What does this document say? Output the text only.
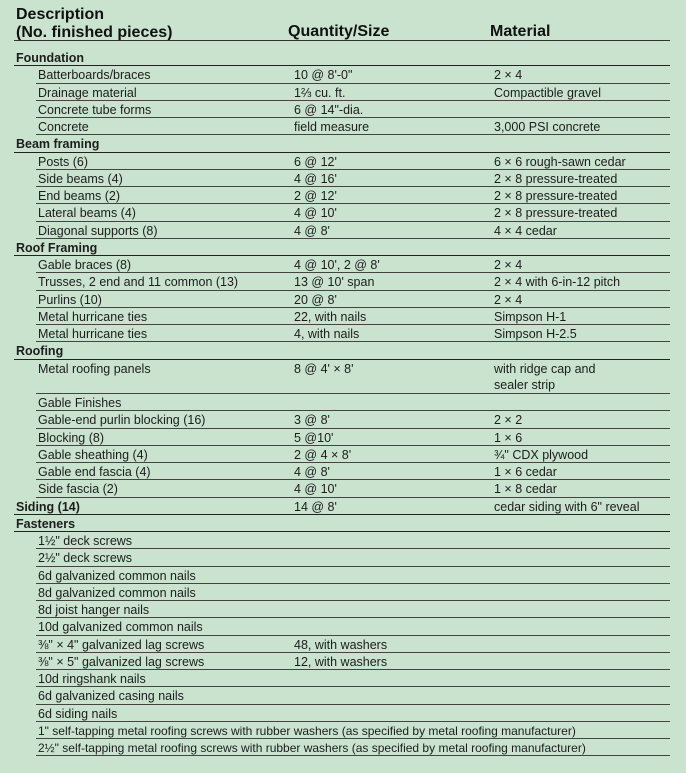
Description
(No. finished pieces)	Quantity/Size	Material
Foundation
Batterboards/braces	10 @ 8'-0"	2 × 4
Drainage material	1⅔ cu. ft.	Compactible gravel
Concrete tube forms	6 @ 14"-dia.
Concrete	field measure	3,000 PSI concrete
Beam framing
Posts (6)	6 @ 12'	6 × 6 rough-sawn cedar
Side beams (4)	4 @ 16'	2 × 8 pressure-treated
End beams (2)	2 @ 12'	2 × 8 pressure-treated
Lateral beams (4)	4 @ 10'	2 × 8 pressure-treated
Diagonal supports (8)	4 @ 8'	4 × 4 cedar
Roof Framing
Gable braces (8)	4 @ 10', 2 @ 8'	2 × 4
Trusses, 2 end and 11 common (13)	13 @ 10' span	2 × 4 with 6-in-12 pitch
Purlins (10)	20 @ 8'	2 × 4
Metal hurricane ties	22, with nails	Simpson H-1
Metal hurricane ties	4, with nails	Simpson H-2.5
Roofing
Metal roofing panels	8 @ 4' × 8'	with ridge cap and
sealer strip
Gable Finishes
Gable-end purlin blocking (16)	3 @ 8'	2 × 2
Blocking (8)	5 @10'	1 × 6
Gable sheathing (4)	2 @ 4 × 8'	¾" CDX plywood
Gable end fascia (4)	4 @ 8'	1 × 6 cedar
Side fascia (2)	4 @ 10'	1 × 8 cedar
Siding (14)	14 @ 8'	cedar siding with 6" reveal
Fasteners
1½" deck screws
2½" deck screws
6d galvanized common nails
8d galvanized common nails
8d joist hanger nails
10d galvanized common nails
⅜" × 4" galvanized lag screws	48, with washers
⅜" × 5" galvanized lag screws	12, with washers
10d ringshank nails
6d galvanized casing nails
6d siding nails
1" self-tapping metal roofing screws with rubber washers (as specified by metal roofing manufacturer)
2½" self-tapping metal roofing screws with rubber washers (as specified by metal roofing manufacturer)
